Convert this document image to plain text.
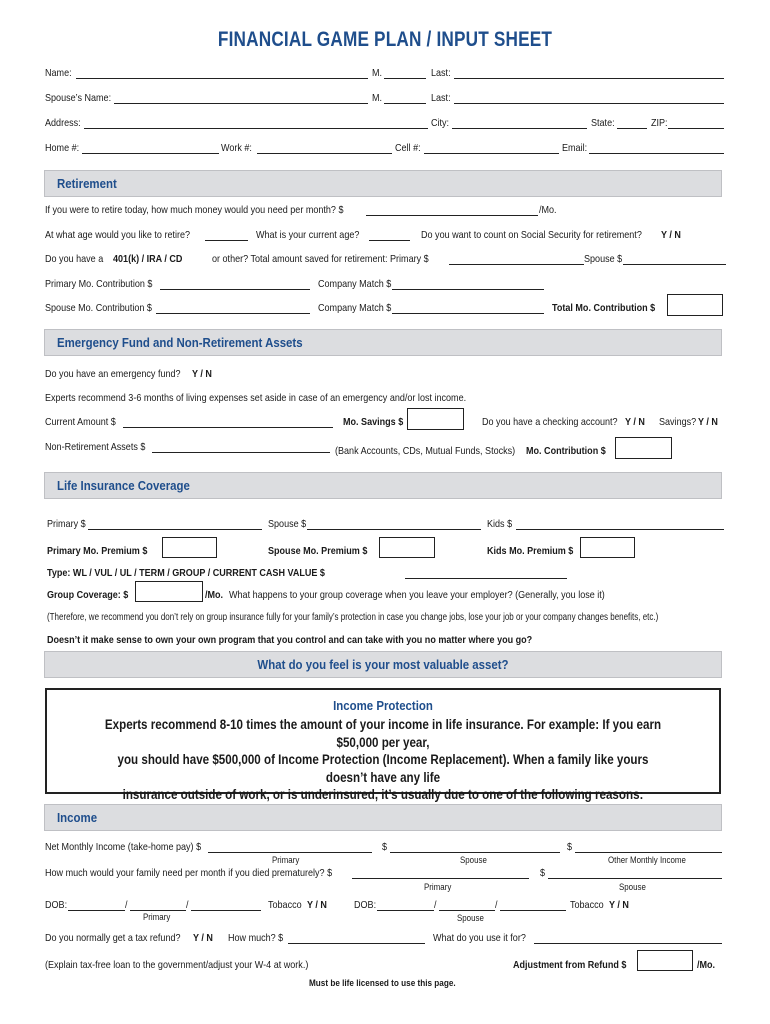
FINANCIAL GAME PLAN / INPUT SHEET
Name:	M.	Last:
Spouse’s Name:	M.	Last:
Address:	City:	State:	ZIP:
Home #:	Work #:	Cell #:	Email:
Retirement
If you were to retire today, how much money would you need per month? $	/Mo.
At what age would you like to retire?	What is your current age?	Do you want to count on Social Security for retirement? Y / N
Do you have a 401(k) / IRA / CD	or other? Total amount saved for retirement: Primary $	Spouse $
Primary Mo. Contribution $	Company Match $
Spouse Mo. Contribution $	Company Match $	Total Mo. Contribution $
Emergency Fund and Non-Retirement Assets
Do you have an emergency fund? Y / N
Experts recommend 3-6 months of living expenses set aside in case of an emergency and/or lost income.
Current Amount $	Mo. Savings $	Do you have a checking account? Y / N Savings? Y / N
Non-Retirement Assets $	(Bank Accounts, CDs, Mutual Funds, Stocks) Mo. Contribution $
Life Insurance Coverage
Primary $	Spouse $	Kids $
Primary Mo. Premium $	Spouse Mo. Premium $	Kids Mo. Premium $
Type: WL / VUL / UL / TERM / GROUP / CURRENT CASH VALUE $
Group Coverage: $	/Mo. What happens to your group coverage when you leave your employer? (Generally, you lose it)
(Therefore, we recommend you don’t rely on group insurance fully for your family’s protection in case you change jobs, lose your job or your company changes benefits, etc.)
Doesn’t it make sense to own your own program that you control and can take with you no matter where you go?
What do you feel is your most valuable asset?
Income Protection
Experts recommend 8-10 times the amount of your income in life insurance. For example: If you earn $50,000 per year,
you should have $500,000 of Income Protection (Income Replacement). When a family like yours doesn’t have any life
insurance outside of work, or is underinsured, it’s usually due to one of the following reasons:
Income
Net Monthly Income (take-home pay) $	$	$
Primary	Spouse	Other Monthly Income
How much would your family need per month if you died prematurely? $	$
Primary	Spouse
DOB:	/	/	Tobacco Y / N
Primary
DOB:	/	/	Tobacco Y / N
Spouse
Do you normally get a tax refund? Y / N How much? $	What do you use it for?
(Explain tax-free loan to the government/adjust your W-4 at work.)	Adjustment from Refund $	/Mo.
Must be life licensed to use this page.
